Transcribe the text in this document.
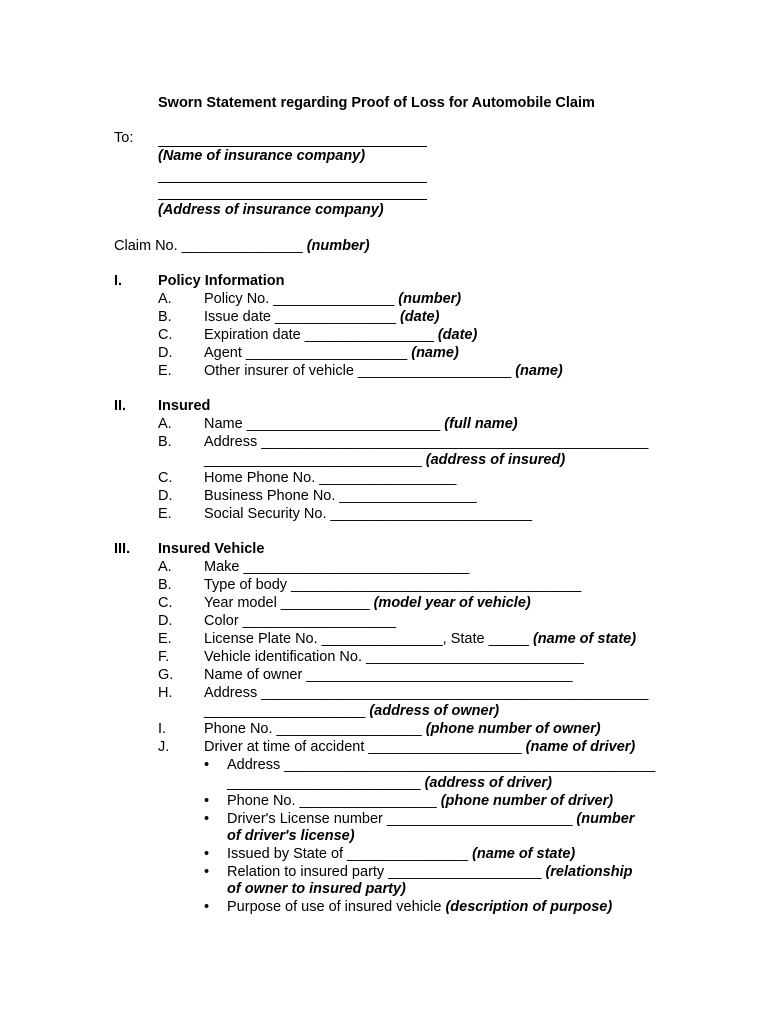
Sworn Statement regarding Proof of Loss for Automobile Claim
To:
(Name of insurance company)
(Address of insurance company)
Claim No. _______________ (number)
I. Policy Information
A. Policy No. _______________ (number)
B. Issue date _______________ (date)
C. Expiration date ________________ (date)
D. Agent ____________________ (name)
E. Other insurer of vehicle ___________________ (name)
II. Insured
A. Name ________________________ (full name)
B. Address ________________________________________________
___________________________ (address of insured)
C. Home Phone No. _________________
D. Business Phone No. _________________
E. Social Security No. _________________________
III. Insured Vehicle
A. Make ____________________________
B. Type of body ____________________________________
C. Year model ___________ (model year of vehicle)
D. Color ___________________
E. License Plate No. _______________, State _____ (name of state)
F. Vehicle identification No. ___________________________
G. Name of owner _________________________________
H. Address ________________________________________________
____________________ (address of owner)
I.	Phone No. __________________ (phone number of owner)
J. Driver at time of accident ___________________ (name of driver)
• Address ______________________________________________
________________________ (address of driver)
• Phone No. _________________ (phone number of driver)
• Driver's License number _______________________ (number
of driver's license)
• Issued by State of _______________ (name of state)
• Relation to insured party ___________________ (relationship
of owner to insured party)
• Purpose of use of insured vehicle (description of purpose)
